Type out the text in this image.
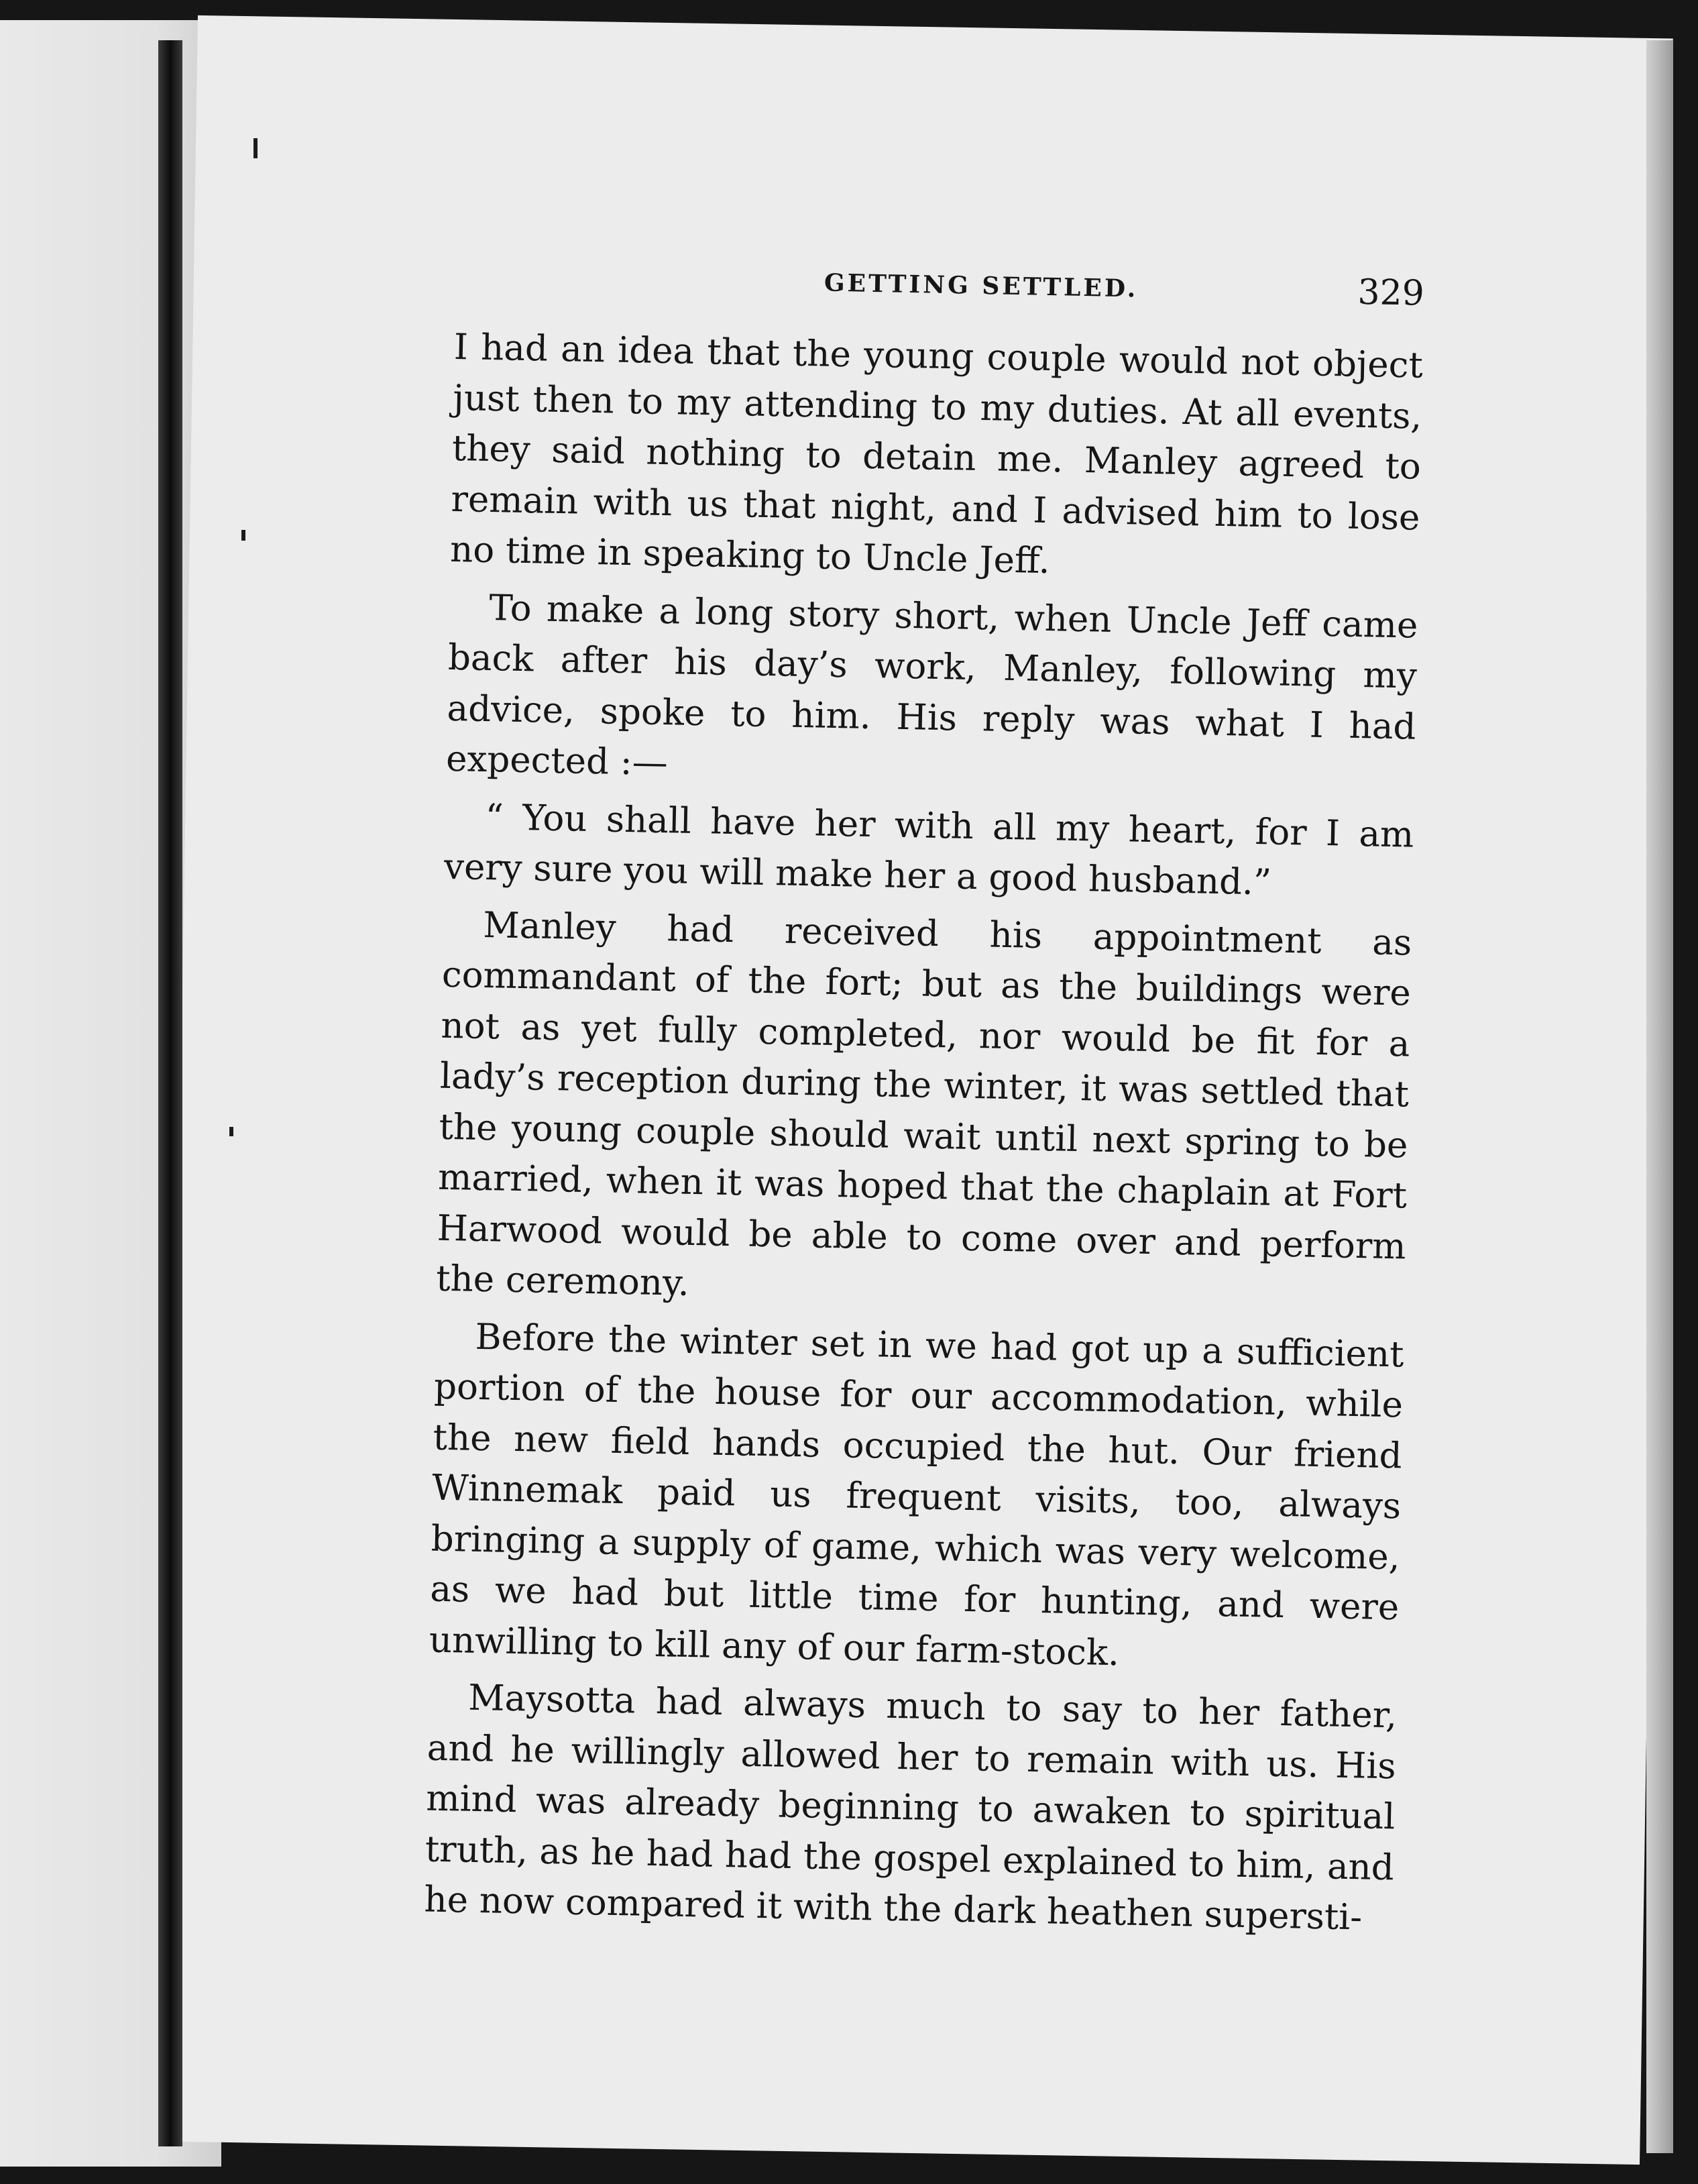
GETTING SETTLED.	329

I had an idea that the young couple would not object just then to my attending to my duties. At all events, they said nothing to detain me. Manley agreed to remain with us that night, and I advised him to lose no time in speaking to Uncle Jeff.

To make a long story short, when Uncle Jeff came back after his day’s work, Manley, following my advice, spoke to him. His reply was what I had expected :—

“ You shall have her with all my heart, for I am very sure you will make her a good husband.”

Manley had received his appointment as commandant of the fort; but as the buildings were not as yet fully completed, nor would be fit for a lady’s reception during the winter, it was settled that the young couple should wait until next spring to be married, when it was hoped that the chaplain at Fort Harwood would be able to come over and perform the ceremony.

Before the winter set in we had got up a sufficient portion of the house for our accommodation, while the new field hands occupied the hut. Our friend Winnemak paid us frequent visits, too, always bringing a supply of game, which was very welcome, as we had but little time for hunting, and were unwilling to kill any of our farm-stock.

Maysotta had always much to say to her father, and he willingly allowed her to remain with us. His mind was already beginning to awaken to spiritual truth, as he had had the gospel explained to him, and he now compared it with the dark heathen supersti-
